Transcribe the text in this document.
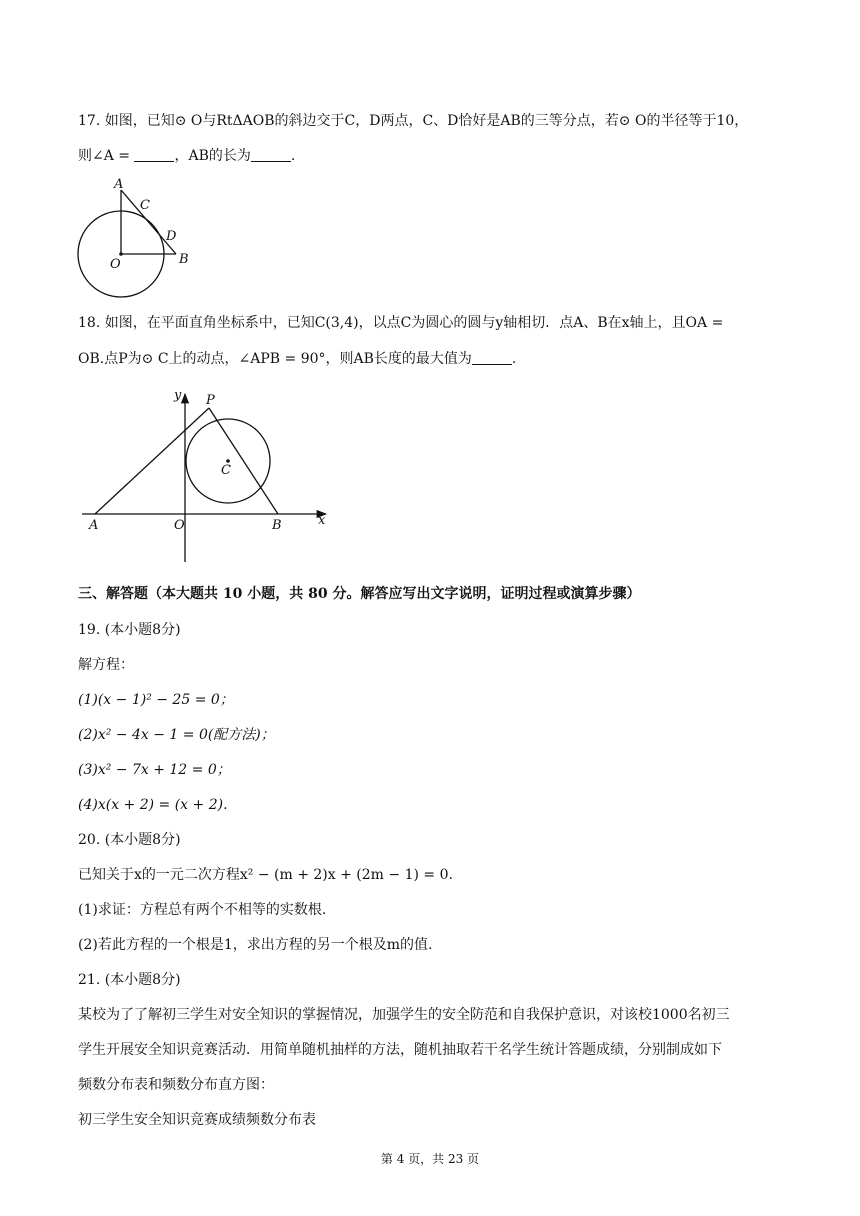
17. 如图，已知⊙ O与RtΔAOB的斜边交于C，D两点，C、D恰好是AB的三等分点，若⊙ O的半径等于10，
则∠A =	，AB的长为	.
A
C
D
O	B
18. 如图，在平面直角坐标系中，已知C(3,4)，以点C为圆心的圆与y轴相切．点A、B在x轴上，且OA =
OB.点P为⊙ C上的动点，∠APB = 90°，则AB长度的最大值为	.
y P
C
A	O	B	x
三、解答题（本大题共 10 小题，共 80 分。解答应写出文字说明，证明过程或演算步骤）
19. (本小题8分)
解方程：
(1)(x − 1)² − 25 = 0；
(2)x² − 4x − 1 = 0(配方法)；
(3)x² − 7x + 12 = 0；
(4)x(x + 2) = (x + 2).
20. (本小题8分)
已知关于x的一元二次方程x² − (m + 2)x + (2m − 1) = 0.
(1)求证：方程总有两个不相等的实数根.
(2)若此方程的一个根是1，求出方程的另一个根及m的值.
21. (本小题8分)
某校为了了解初三学生对安全知识的掌握情况，加强学生的安全防范和自我保护意识，对该校1000名初三
学生开展安全知识竞赛活动．用简单随机抽样的方法，随机抽取若干名学生统计答题成绩，分别制成如下
频数分布表和频数分布直方图：
初三学生安全知识竞赛成绩频数分布表
第 4 页，共 23 页
